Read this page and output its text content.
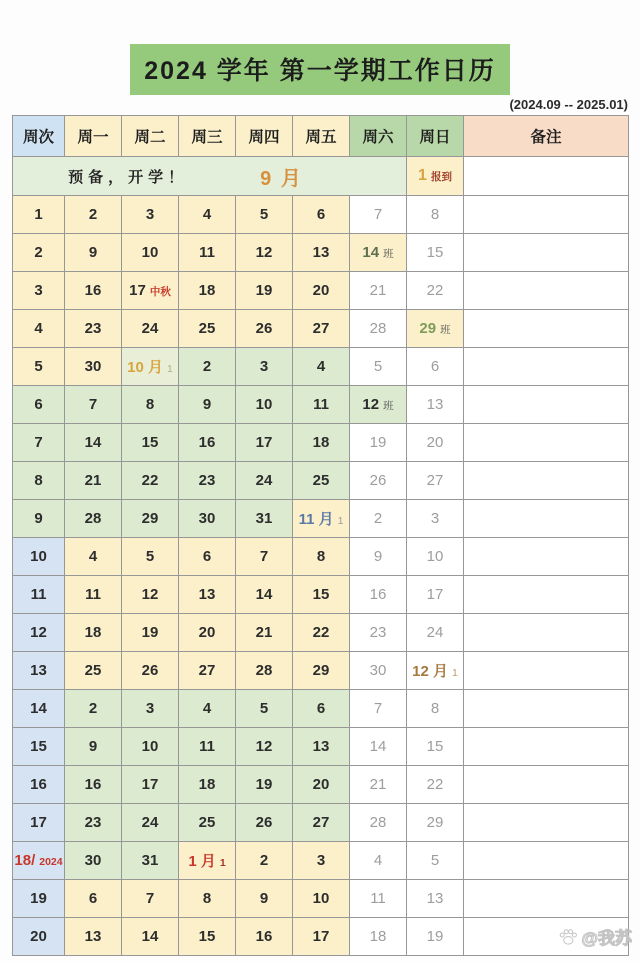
2024 学年 第一学期工作日历
(2024.09 -- 2025.01)
周次	周一	周二	周三	周四	周五	周六	周日	备注

预备，开学！ 9 月							1 报到	
1	2	3	4	5	6	7	8	
2	9	10	11	12	13	14 班	15	
3	16	17 中秋	18	19	20	21	22	
4	23	24	25	26	27	28	29 班	
5	30	10 月 1	2	3	4	5	6	
6	7	8	9	10	11	12 班	13	
7	14	15	16	17	18	19	20	
8	21	22	23	24	25	26	27	
9	28	29	30	31	11 月 1	2	3	
10	4	5	6	7	8	9	10	
11	11	12	13	14	15	16	17	
12	18	19	20	21	22	23	24	
13	25	26	27	28	29	30	12 月 1	
14	2	3	4	5	6	7	8	
15	9	10	11	12	13	14	15	
16	16	17	18	19	20	21	22	
17	23	24	25	26	27	28	29	
18/ 2024	30	31	1 月 1	2	3	4	5	
19	6	7	8	9	10	11	13	
20	13	14	15	16	17	18	19		@我苏
